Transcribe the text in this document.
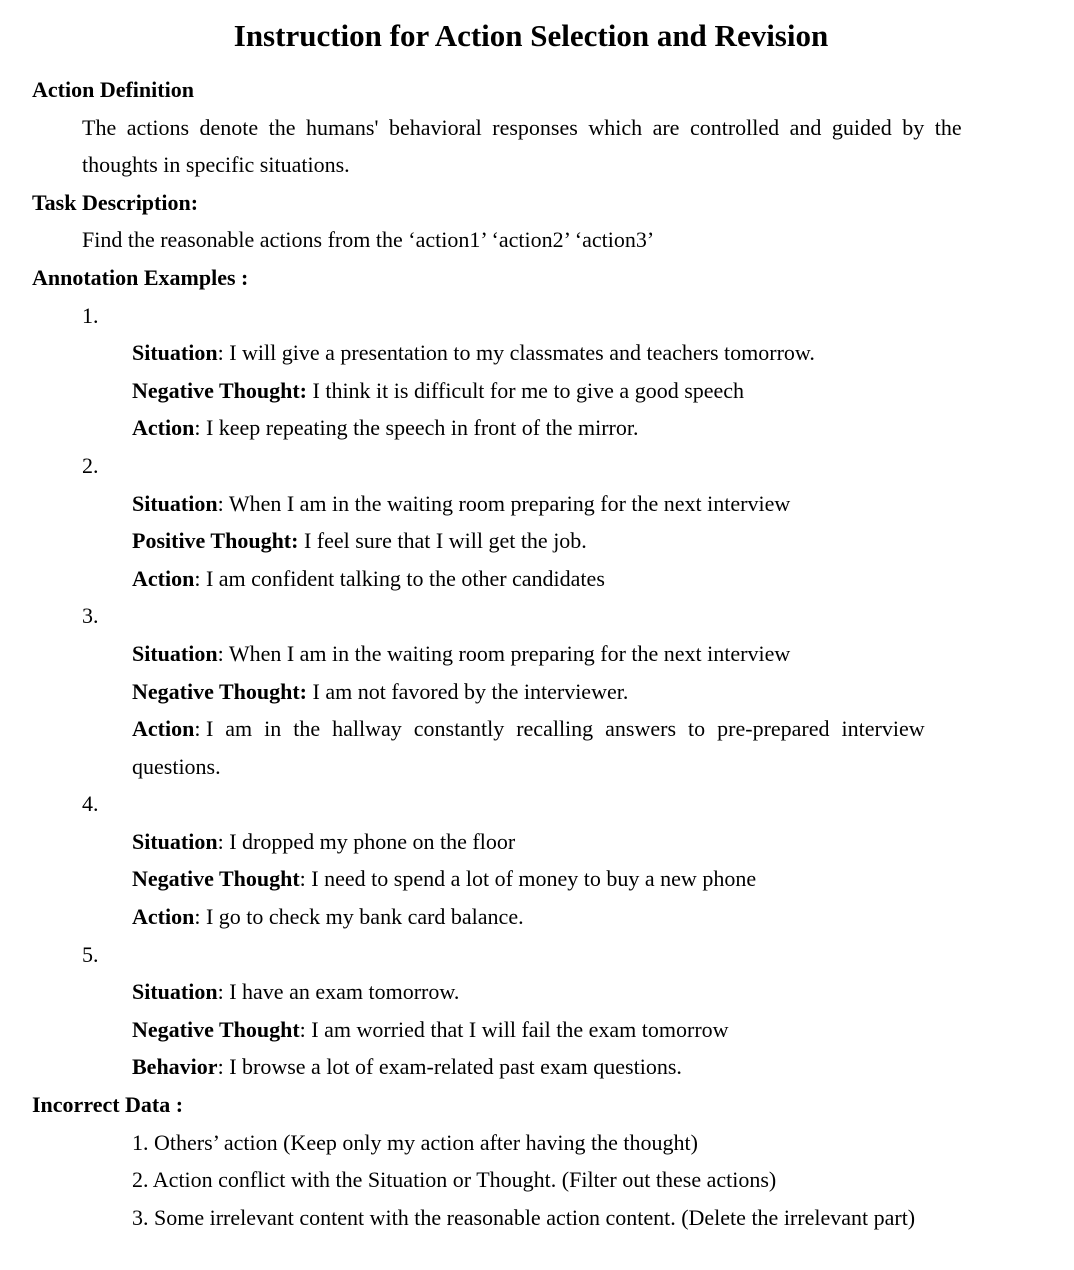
Instruction for Action Selection and Revision

Action Definition

The actions denote the humans' behavioral responses which are controlled and guided by the
thoughts in specific situations.

Task Description:

Find the reasonable actions from the ‘action1’ ‘action2’ ‘action3’

Annotation Examples :

1.

Situation: I will give a presentation to my classmates and teachers tomorrow.

Negative Thought: I think it is difficult for me to give a good speech

Action: I keep repeating the speech in front of the mirror.

2.

Situation: When I am in the waiting room preparing for the next interview

Positive Thought: I feel sure that I will get the job.

Action: I am confident talking to the other candidates

3.

Situation: When I am in the waiting room preparing for the next interview

Negative Thought: I am not favored by the interviewer.

Action: I am in the hallway constantly recalling answers to pre-prepared interview
questions.

4.

Situation: I dropped my phone on the floor

Negative Thought: I need to spend a lot of money to buy a new phone

Action: I go to check my bank card balance.

5.

Situation: I have an exam tomorrow.

Negative Thought: I am worried that I will fail the exam tomorrow

Behavior: I browse a lot of exam-related past exam questions.

Incorrect Data :

1. Others’ action (Keep only my action after having the thought)

2. Action conflict with the Situation or Thought. (Filter out these actions)

3. Some irrelevant content with the reasonable action content. (Delete the irrelevant part)
